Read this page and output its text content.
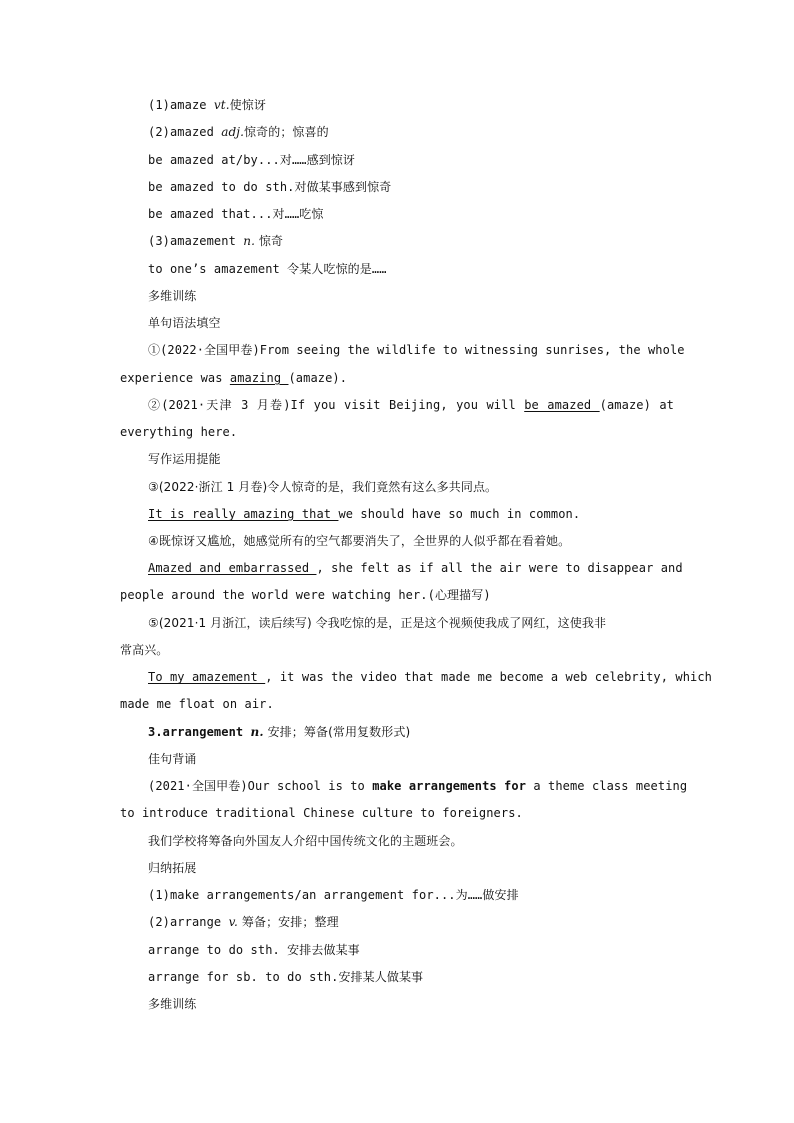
(1)amaze vt.使惊讶
(2)amazed adj.惊奇的；惊喜的
be amazed at/by...对……感到惊讶
be amazed to do sth.对做某事感到惊奇
be amazed that...对……吃惊
(3)amazement n. 惊奇
to one’s amazement 令某人吃惊的是……
多维训练
单句语法填空
①(2022·全国甲卷)From seeing the wildlife to witnessing sunrises, the whole
experience was amazing (amaze).
②(2021·天津 3 月卷)If you visit Beijing, you will be amazed (amaze) at
everything here.
写作运用提能
③(2022·浙江 1 月卷)令人惊奇的是，我们竟然有这么多共同点。
It is really amazing that we should have so much in common.
④既惊讶又尴尬，她感觉所有的空气都要消失了，全世界的人似乎都在看着她。
Amazed and embarrassed , she felt as if all the air were to disappear and
people around the world were watching her.(心理描写)
⑤(2021·1 月浙江，读后续写) 令我吃惊的是，正是这个视频使我成了网红，这使我非
常高兴。
To my amazement , it was the video that made me become a web celebrity, which
made me float on air.
3.arrangement n. 安排；筹备(常用复数形式)
佳句背诵
(2021·全国甲卷)Our school is to make arrangements for a theme class meeting
to introduce traditional Chinese culture to foreigners.
我们学校将筹备向外国友人介绍中国传统文化的主题班会。
归纳拓展
(1)make arrangements/an arrangement for...为……做安排
(2)arrange v. 筹备；安排；整理
arrange to do sth. 安排去做某事
arrange for sb. to do sth.安排某人做某事
多维训练
